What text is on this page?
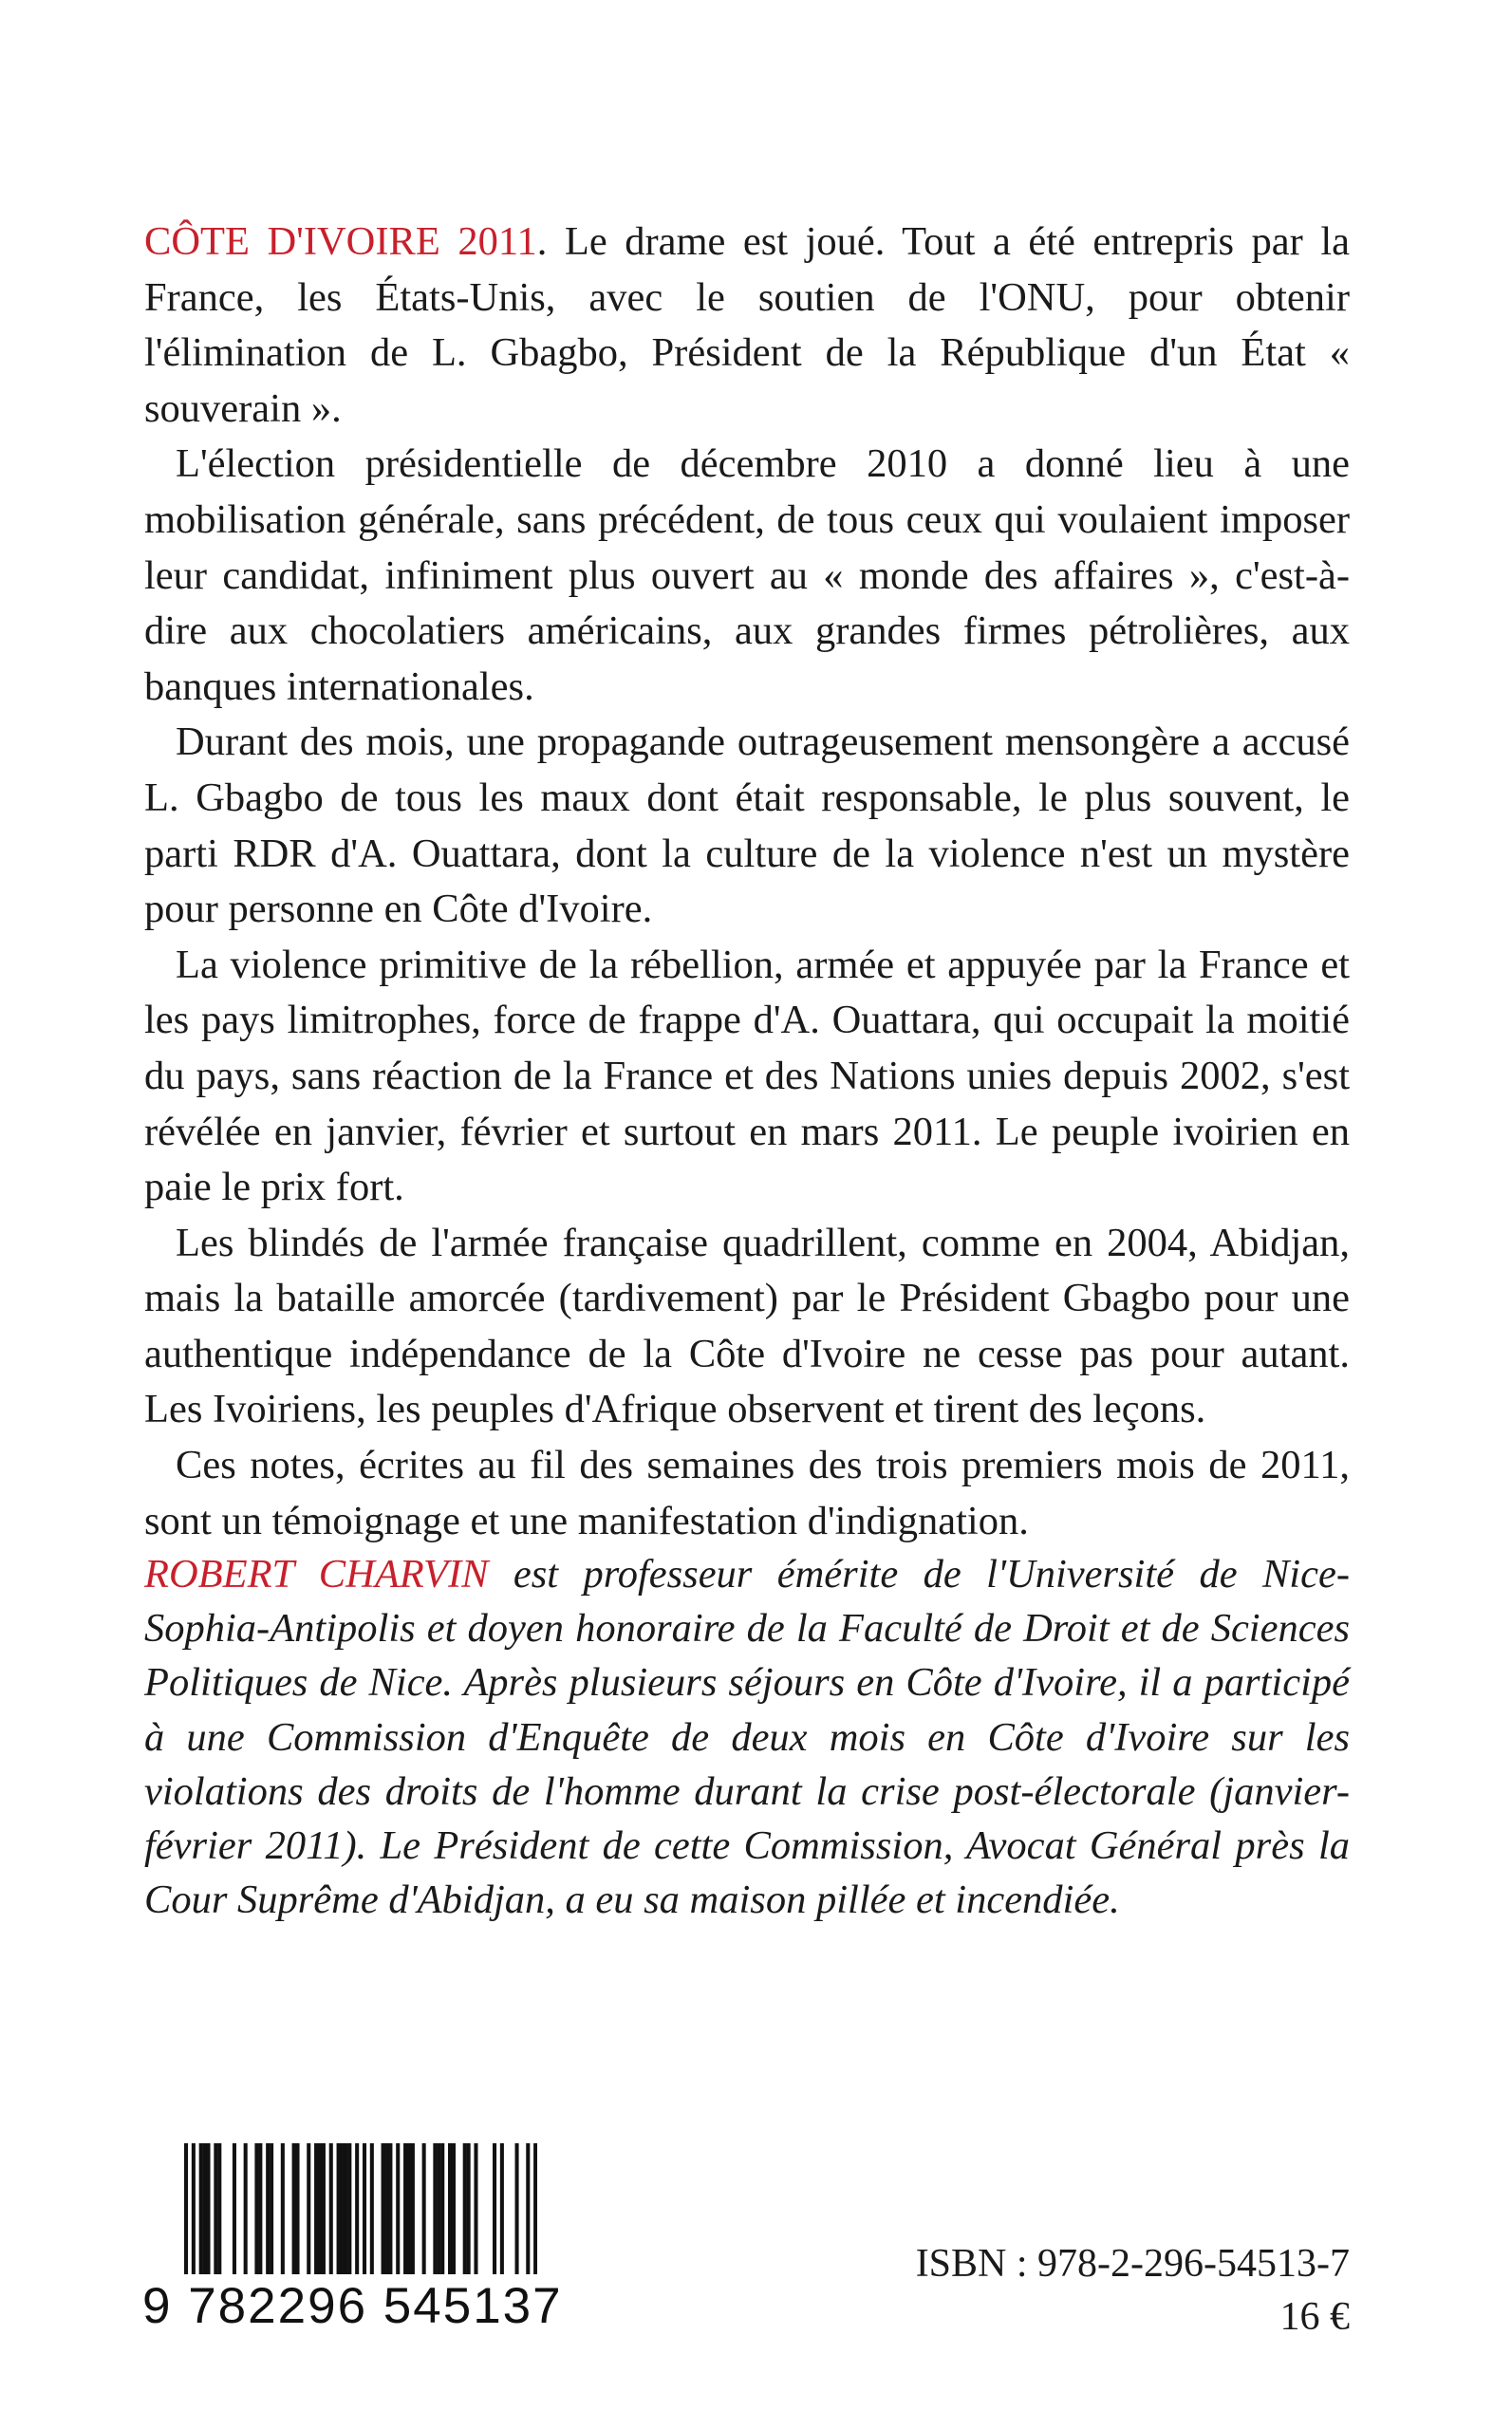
CÔTE D'IVOIRE 2011. Le drame est joué. Tout a été entrepris par la France, les États-Unis, avec le soutien de l'ONU, pour obtenir l'élimination de L. Gbagbo, Président de la République d'un État « souverain ».

L'élection présidentielle de décembre 2010 a donné lieu à une mobilisation générale, sans précédent, de tous ceux qui voulaient imposer leur candidat, infiniment plus ouvert au « monde des affaires », c'est-à-dire aux chocolatiers américains, aux grandes firmes pétrolières, aux banques internationales.

Durant des mois, une propagande outrageusement mensongère a accusé L. Gbagbo de tous les maux dont était responsable, le plus souvent, le parti RDR d'A. Ouattara, dont la culture de la violence n'est un mystère pour personne en Côte d'Ivoire.

La violence primitive de la rébellion, armée et appuyée par la France et les pays limitrophes, force de frappe d'A. Ouattara, qui occupait la moitié du pays, sans réaction de la France et des Nations unies depuis 2002, s'est révélée en janvier, février et surtout en mars 2011. Le peuple ivoirien en paie le prix fort.

Les blindés de l'armée française quadrillent, comme en 2004, Abidjan, mais la bataille amorcée (tardivement) par le Président Gbagbo pour une authentique indépendance de la Côte d'Ivoire ne cesse pas pour autant. Les Ivoiriens, les peuples d'Afrique observent et tirent des leçons.

Ces notes, écrites au fil des semaines des trois premiers mois de 2011, sont un témoignage et une manifestation d'indignation.

ROBERT CHARVIN est professeur émérite de l'Université de Nice-Sophia-Antipolis et doyen honoraire de la Faculté de Droit et de Sciences Politiques de Nice. Après plusieurs séjours en Côte d'Ivoire, il a participé à une Commission d'Enquête de deux mois en Côte d'Ivoire sur les violations des droits de l'homme durant la crise post-électorale (janvier-février 2011). Le Président de cette Commission, Avocat Général près la Cour Suprême d'Abidjan, a eu sa maison pillée et incendiée.

9 782296 545137
ISBN : 978-2-296-54513-7
16 €
